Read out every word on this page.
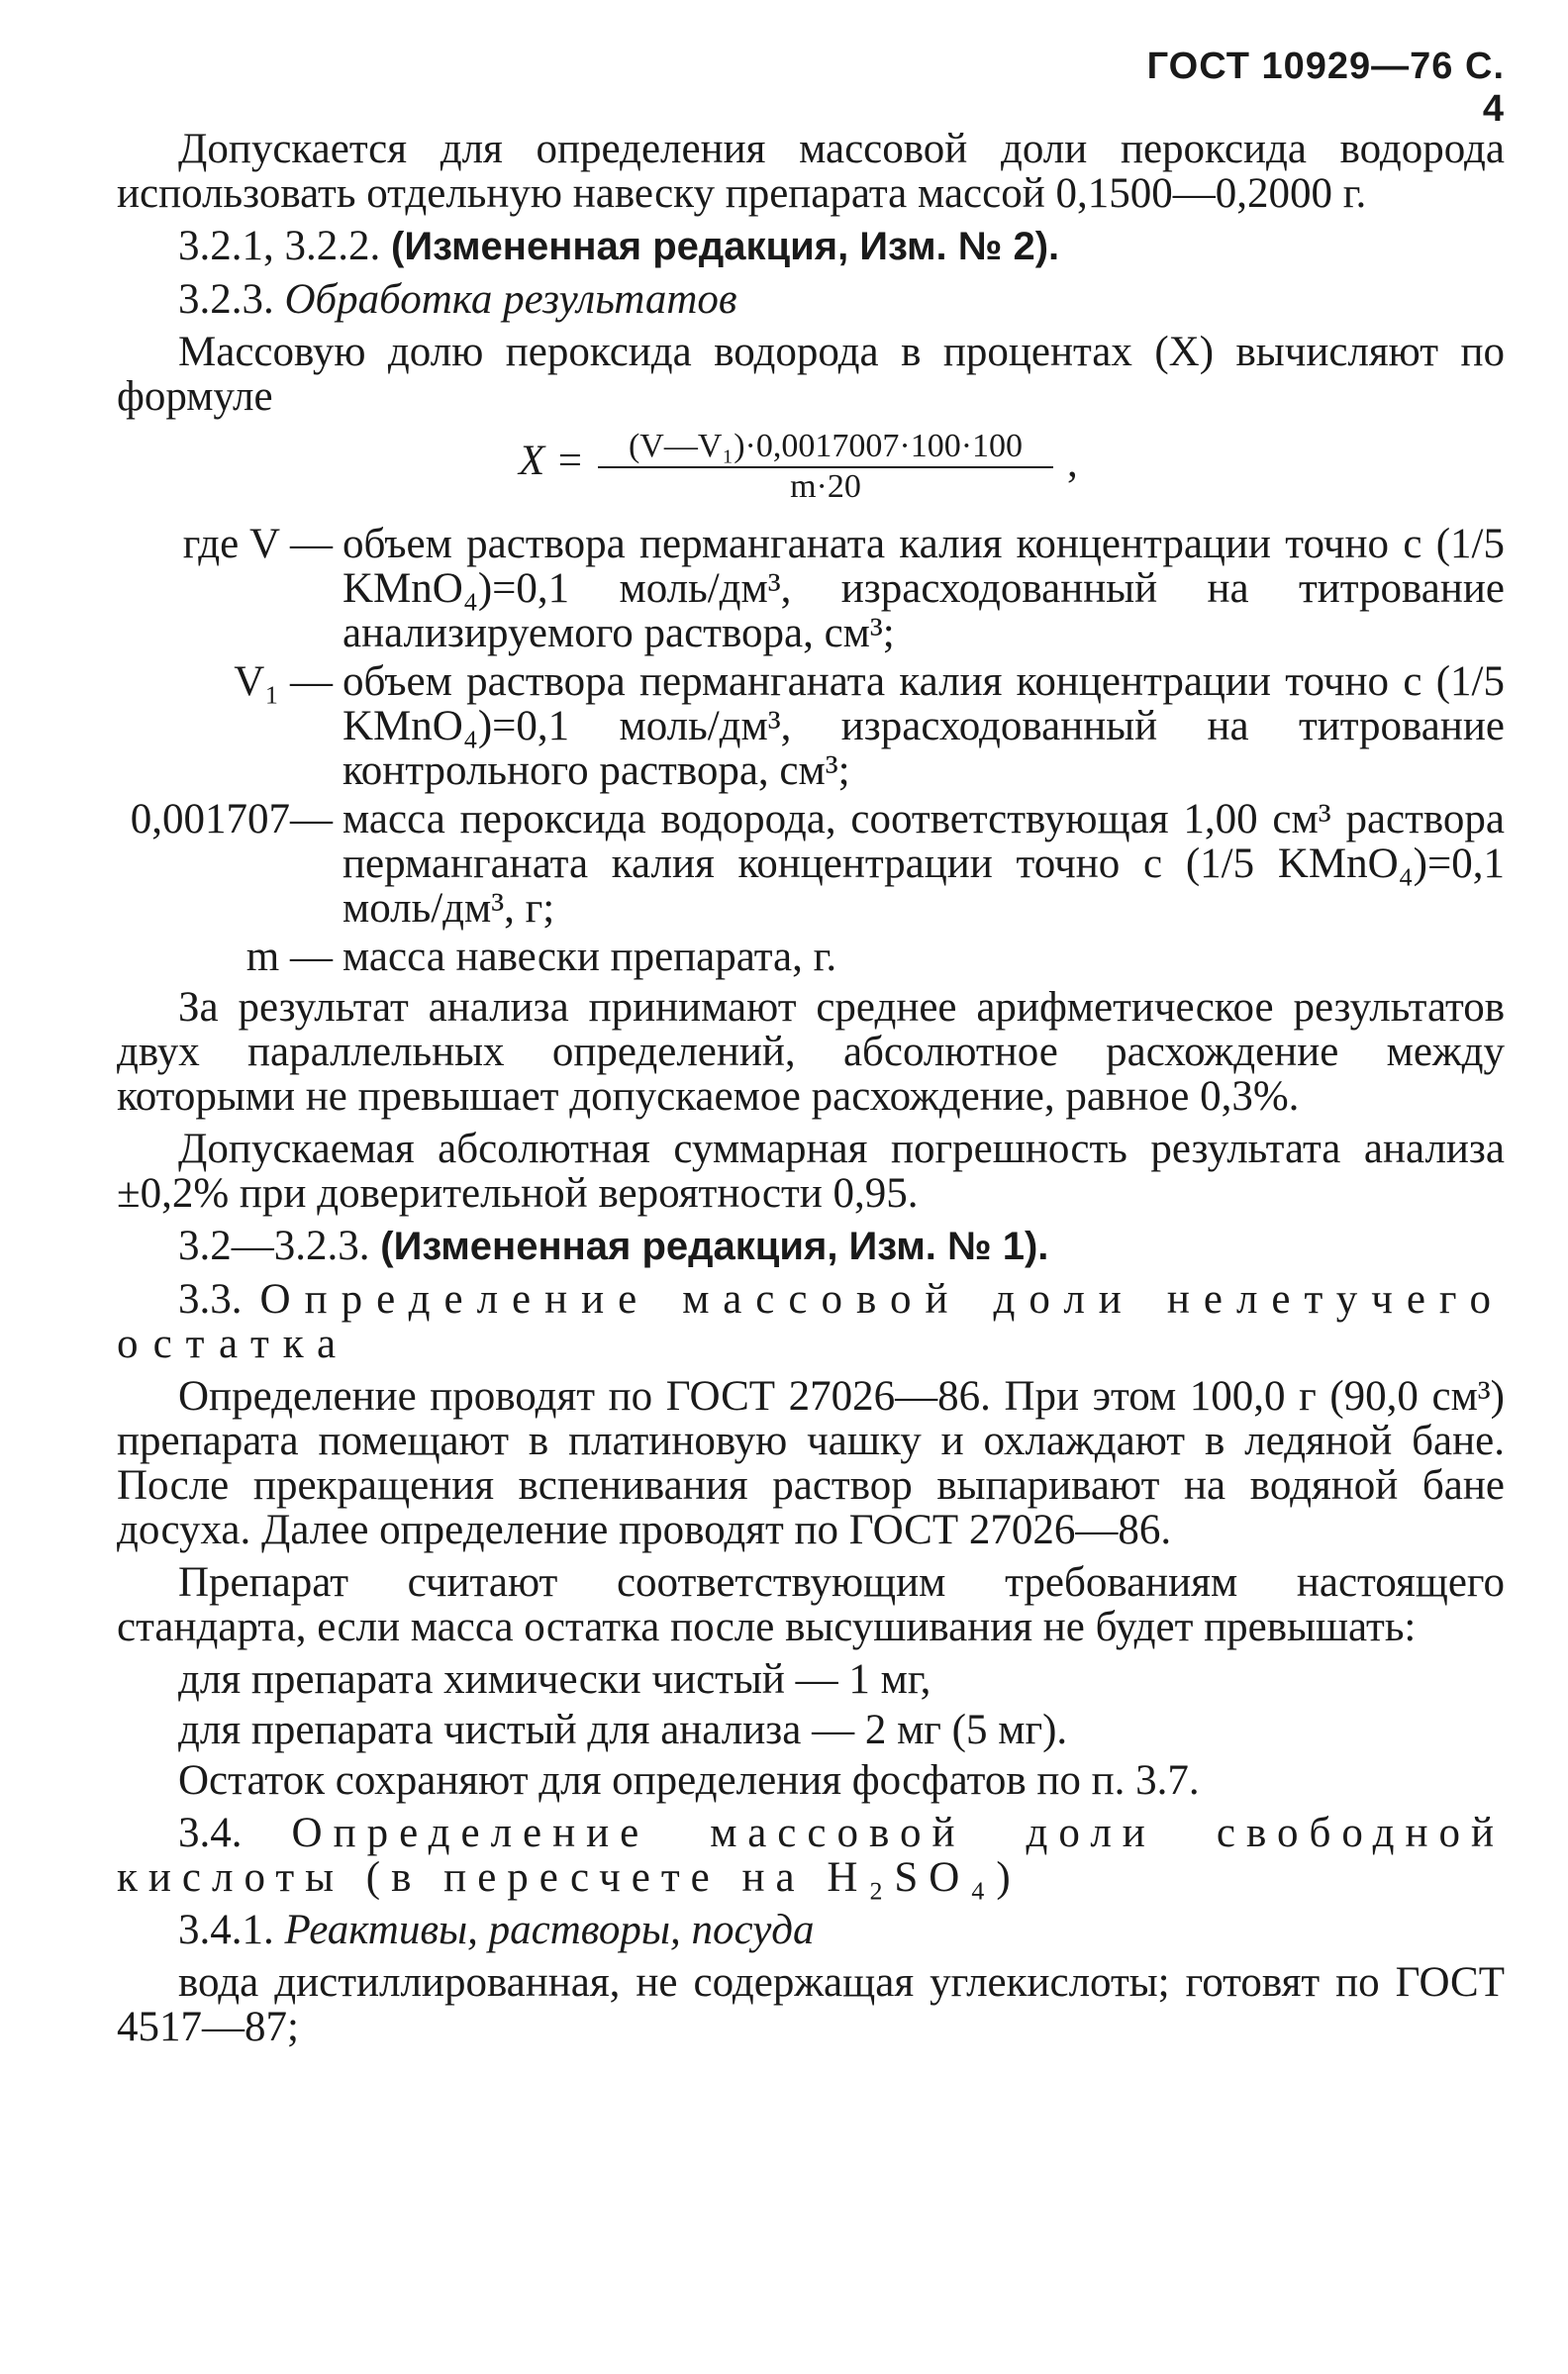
ГОСТ 10929—76 С. 4

Допускается для определения массовой доли пероксида водорода использовать отдельную навеску препарата массой 0,1500—0,2000 г.

3.2.1, 3.2.2. (Измененная редакция, Изм. № 2).

3.2.3. Обработка результатов

Массовую долю пероксида водорода в процентах (X) вычисляют по формуле

$X = \frac{\text{(V—V₁)·0,0017007·100·100}}{m\cdot 20}$ ,
где V — объем раствора перманганата калия концентрации точно c (1/5 KMnO₄)=0,1 моль/дм³, израсходованный на титрование анализируемого раствора, см³;
V₁ — объем раствора перманганата калия концентрации точно c (1/5 KMnO₄)=0,1 моль/дм³, израсходованный на титрование контрольного раствора, см³;
0,001707— масса пероксида водорода, соответствующая 1,00 см³ раствора перманганата калия концентрации точно c (1/5 KMnO₄)=0,1 моль/дм³, г;
m — масса навески препарата, г.

За результат анализа принимают среднее арифметическое результатов двух параллельных определений, абсолютное расхождение между которыми не превышает допускаемое расхождение, равное 0,3%.

Допускаемая абсолютная суммарная погрешность результата анализа ±0,2% при доверительной вероятности 0,95.

3.2—3.2.3. (Измененная редакция, Изм. № 1).

3.3. Определение массовой доли нелетучего остатка

Определение проводят по ГОСТ 27026—86. При этом 100,0 г (90,0 см³) препарата помещают в платиновую чашку и охлаждают в ледяной бане. После прекращения вспенивания раствор выпаривают на водяной бане досуха. Далее определение проводят по ГОСТ 27026—86.

Препарат считают соответствующим требованиям настоящего стандарта, если масса остатка после высушивания не будет превышать:

для препарата химически чистый — 1 мг,

для препарата чистый для анализа — 2 мг (5 мг).

Остаток сохраняют для определения фосфатов по п. 3.7.

3.4. Определение массовой доли свободной кислоты (в пересчете на H₂SO₄)

3.4.1. Реактивы, растворы, посуда

вода дистиллированная, не содержащая углекислоты; готовят по ГОСТ 4517—87;
